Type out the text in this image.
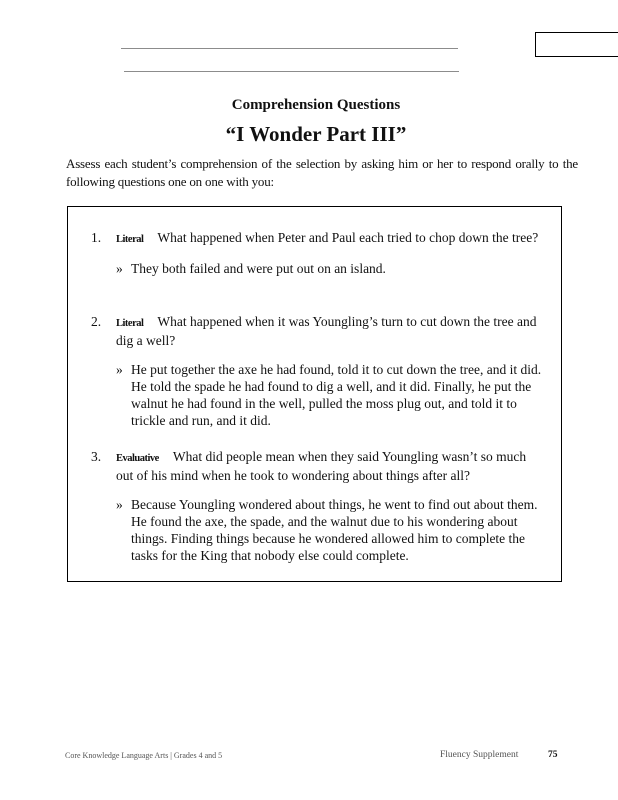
Comprehension Questions
“I Wonder Part III”
Assess each student’s comprehension of the selection by asking him or her to respond orally to the following questions one on one with you:
1. Literal What happened when Peter and Paul each tried to chop down the tree?
» They both failed and were put out on an island.
2. Literal What happened when it was Youngling’s turn to cut down the tree and dig a well?
» He put together the axe he had found, told it to cut down the tree, and it did. He told the spade he had found to dig a well, and it did. Finally, he put the walnut he had found in the well, pulled the moss plug out, and told it to trickle and run, and it did.
3. Evaluative What did people mean when they said Youngling wasn’t so much out of his mind when he took to wondering about things after all?
» Because Youngling wondered about things, he went to find out about them. He found the axe, the spade, and the walnut due to his wondering about things. Finding things because he wondered allowed him to complete the tasks for the King that nobody else could complete.
Core Knowledge Language Arts | Grades 4 and 5	Fluency Supplement	75
